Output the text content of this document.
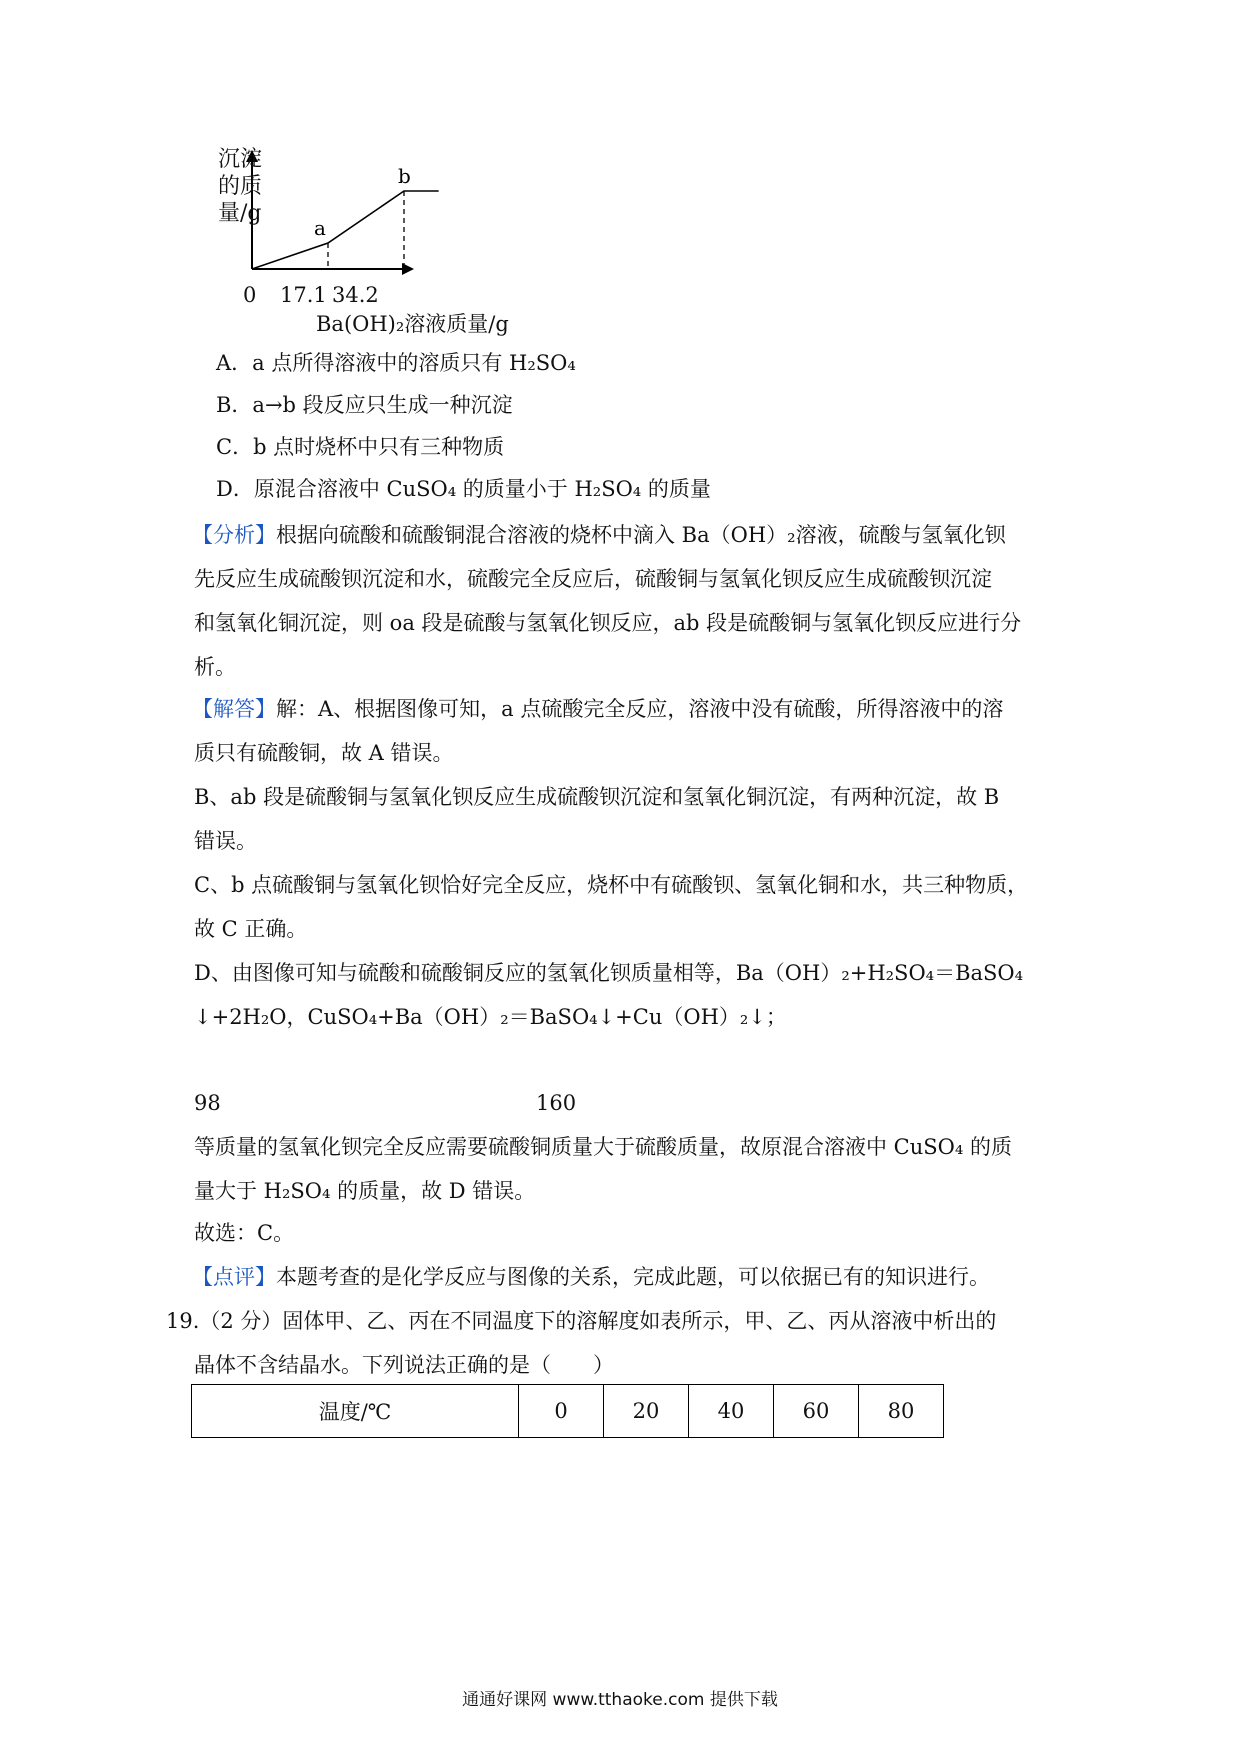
a
b
0 17.1 34.2
Ba(OH)₂溶液质量/g
沉淀
的质
量/g
A．a 点所得溶液中的溶质只有 H₂SO₄
B．a→b 段反应只生成一种沉淀
C．b 点时烧杯中只有三种物质
D．原混合溶液中 CuSO₄ 的质量小于 H₂SO₄ 的质量
【分析】根据向硫酸和硫酸铜混合溶液的烧杯中滴入 Ba（OH）₂溶液，硫酸与氢氧化钡
先反应生成硫酸钡沉淀和水，硫酸完全反应后，硫酸铜与氢氧化钡反应生成硫酸钡沉淀
和氢氧化铜沉淀，则 oa 段是硫酸与氢氧化钡反应，ab 段是硫酸铜与氢氧化钡反应进行分
析。
【解答】解：A、根据图像可知，a 点硫酸完全反应，溶液中没有硫酸，所得溶液中的溶
质只有硫酸铜，故 A 错误。
B、ab 段是硫酸铜与氢氧化钡反应生成硫酸钡沉淀和氢氧化铜沉淀，有两种沉淀，故 B
错误。
C、b 点硫酸铜与氢氧化钡恰好完全反应，烧杯中有硫酸钡、氢氧化铜和水，共三种物质，
故 C 正确。
D、由图像可知与硫酸和硫酸铜反应的氢氧化钡质量相等，Ba（OH）₂+H₂SO₄＝BaSO₄
↓+2H₂O，CuSO₄+Ba（OH）₂＝BaSO₄↓+Cu（OH）₂↓；
98	160
等质量的氢氧化钡完全反应需要硫酸铜质量大于硫酸质量，故原混合溶液中 CuSO₄ 的质
量大于 H₂SO₄ 的质量，故 D 错误。
故选：C。
【点评】本题考查的是化学反应与图像的关系，完成此题，可以依据已有的知识进行。
19.（2 分）固体甲、乙、丙在不同温度下的溶解度如表所示，甲、乙、丙从溶液中析出的
晶体不含结晶水。下列说法正确的是（　　）
温度/℃	0	20	40	60	80
通通好课网 www.tthaoke.com 提供下载
